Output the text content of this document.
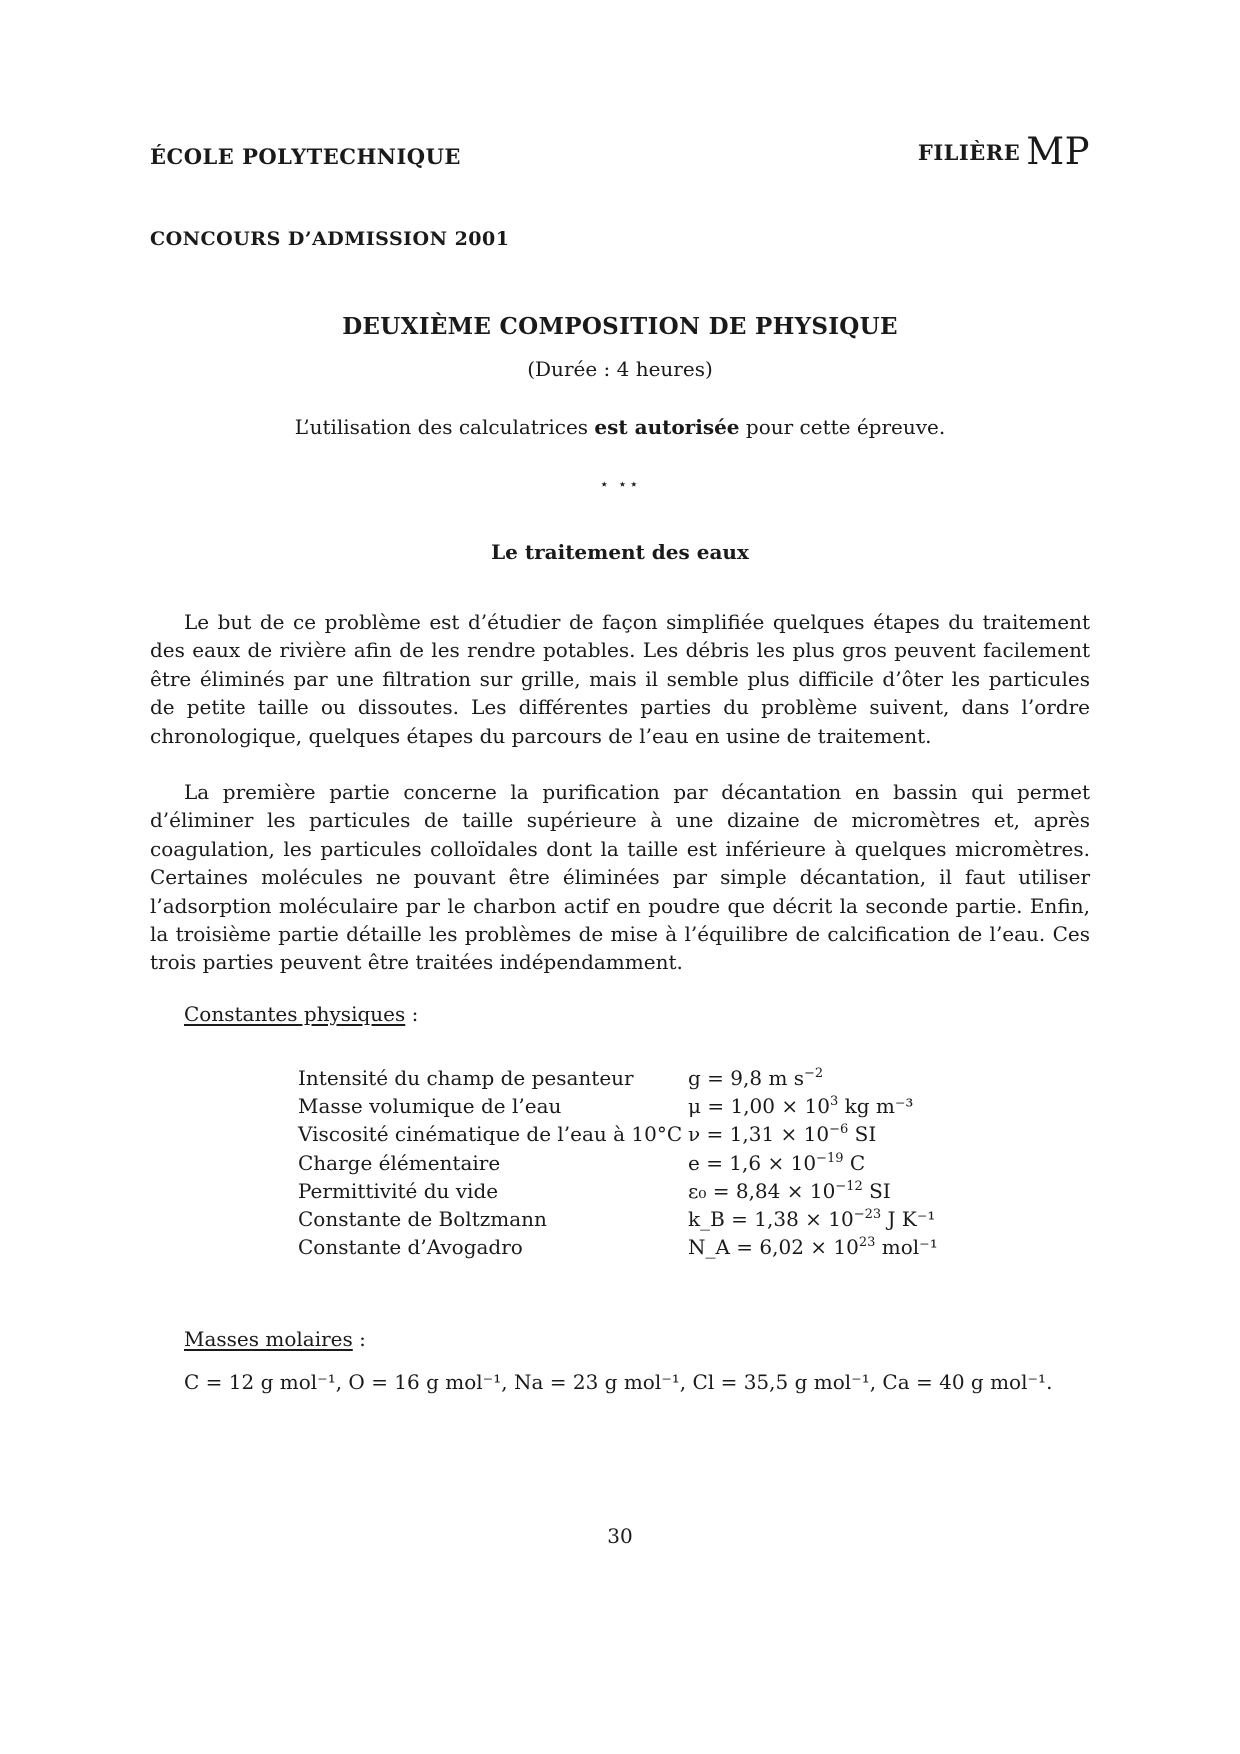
ÉCOLE POLYTECHNIQUE	FILIÈRE MP
CONCOURS D’ADMISSION 2001
DEUXIÈME COMPOSITION DE PHYSIQUE
(Durée : 4 heures)
L’utilisation des calculatrices est autorisée pour cette épreuve.
⋆ ⋆⋆
Le traitement des eaux

Le but de ce problème est d’étudier de façon simplifiée quelques étapes du traitement des eaux de rivière afin de les rendre potables. Les débris les plus gros peuvent facilement être éliminés par une filtration sur grille, mais il semble plus difficile d’ôter les particules de petite taille ou dissoutes. Les différentes parties du problème suivent, dans l’ordre chronologique, quelques étapes du parcours de l’eau en usine de traitement.

La première partie concerne la purification par décantation en bassin qui permet d’éliminer les particules de taille supérieure à une dizaine de micromètres et, après coagulation, les particules colloïdales dont la taille est inférieure à quelques micromètres. Certaines molécules ne pouvant être éliminées par simple décantation, il faut utiliser l’adsorption moléculaire par le charbon actif en poudre que décrit la seconde partie. Enfin, la troisième partie détaille les problèmes de mise à l’équilibre de calcification de l’eau. Ces trois parties peuvent être traitées indépendamment.

Constantes physiques :
Intensité du champ de pesanteur	g = 9,8 m $s^{-2}$
Masse volumique de l’eau	$\mu = 1,00 \times 10^3$ kg m⁻³
Viscosité cinématique de l’eau à 10°C	$\nu = 1,31 \times 10^{-6}$ SI
Charge élémentaire	$e = 1,6 \times 10^{-19}$ C
Permittivité du vide	$\varepsilon_0 = 8,84 \times 10^{-12}$ SI
Constante de Boltzmann	k_B = $1,38 \times 10^{-23}$ J K⁻¹
Constante d’Avogadro	N_A = $6,02 \times 10^{23}$ mol⁻¹
Masses molaires :
C = 12 g mol⁻¹, O = 16 g mol⁻¹, Na = 23 g mol⁻¹, Cl = 35,5 g mol⁻¹, Ca = 40 g mol⁻¹.
30
